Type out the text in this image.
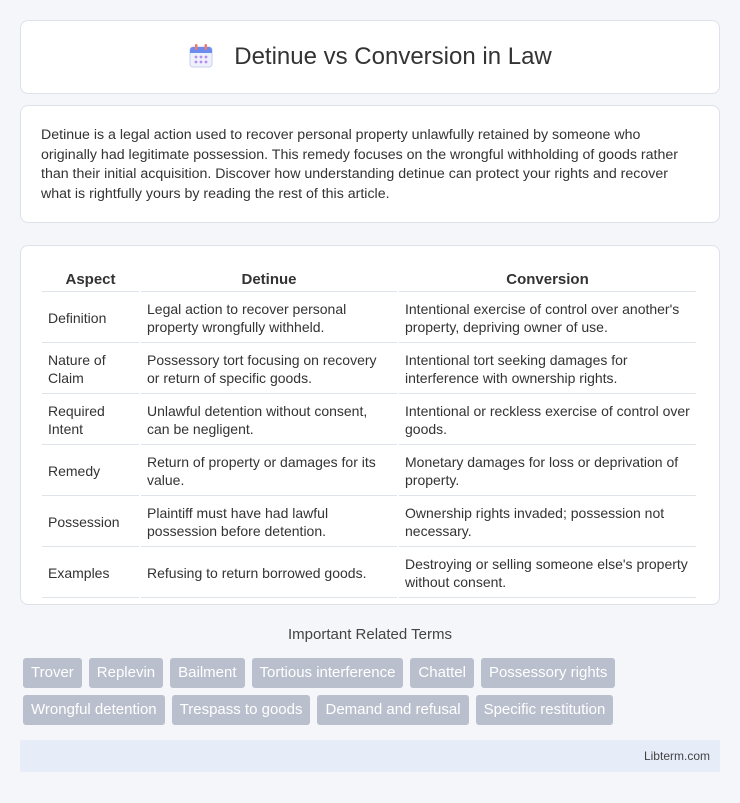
Detinue vs Conversion in Law

Detinue is a legal action used to recover personal property unlawfully retained by someone who originally had legitimate possession. This remedy focuses on the wrongful withholding of goods rather than their initial acquisition. Discover how understanding detinue can protect your rights and recover what is rightfully yours by reading the rest of this article.

Aspect	Detinue	Conversion
Definition	Legal action to recover personal property wrongfully withheld.	Intentional exercise of control over another's property, depriving owner of use.
Nature of Claim	Possessory tort focusing on recovery or return of specific goods.	Intentional tort seeking damages for interference with ownership rights.
Required Intent	Unlawful detention without consent, can be negligent.	Intentional or reckless exercise of control over goods.
Remedy	Return of property or damages for its value.	Monetary damages for loss or deprivation of property.
Possession	Plaintiff must have had lawful possession before detention.	Ownership rights invaded; possession not necessary.
Examples	Refusing to return borrowed goods.	Destroying or selling someone else's property without consent.
Important Related Terms
Trover	Replevin	Bailment	Tortious interference	Chattel	Possessory rights
Wrongful detention	Trespass to goods	Demand and refusal	Specific restitution
Libterm.com
